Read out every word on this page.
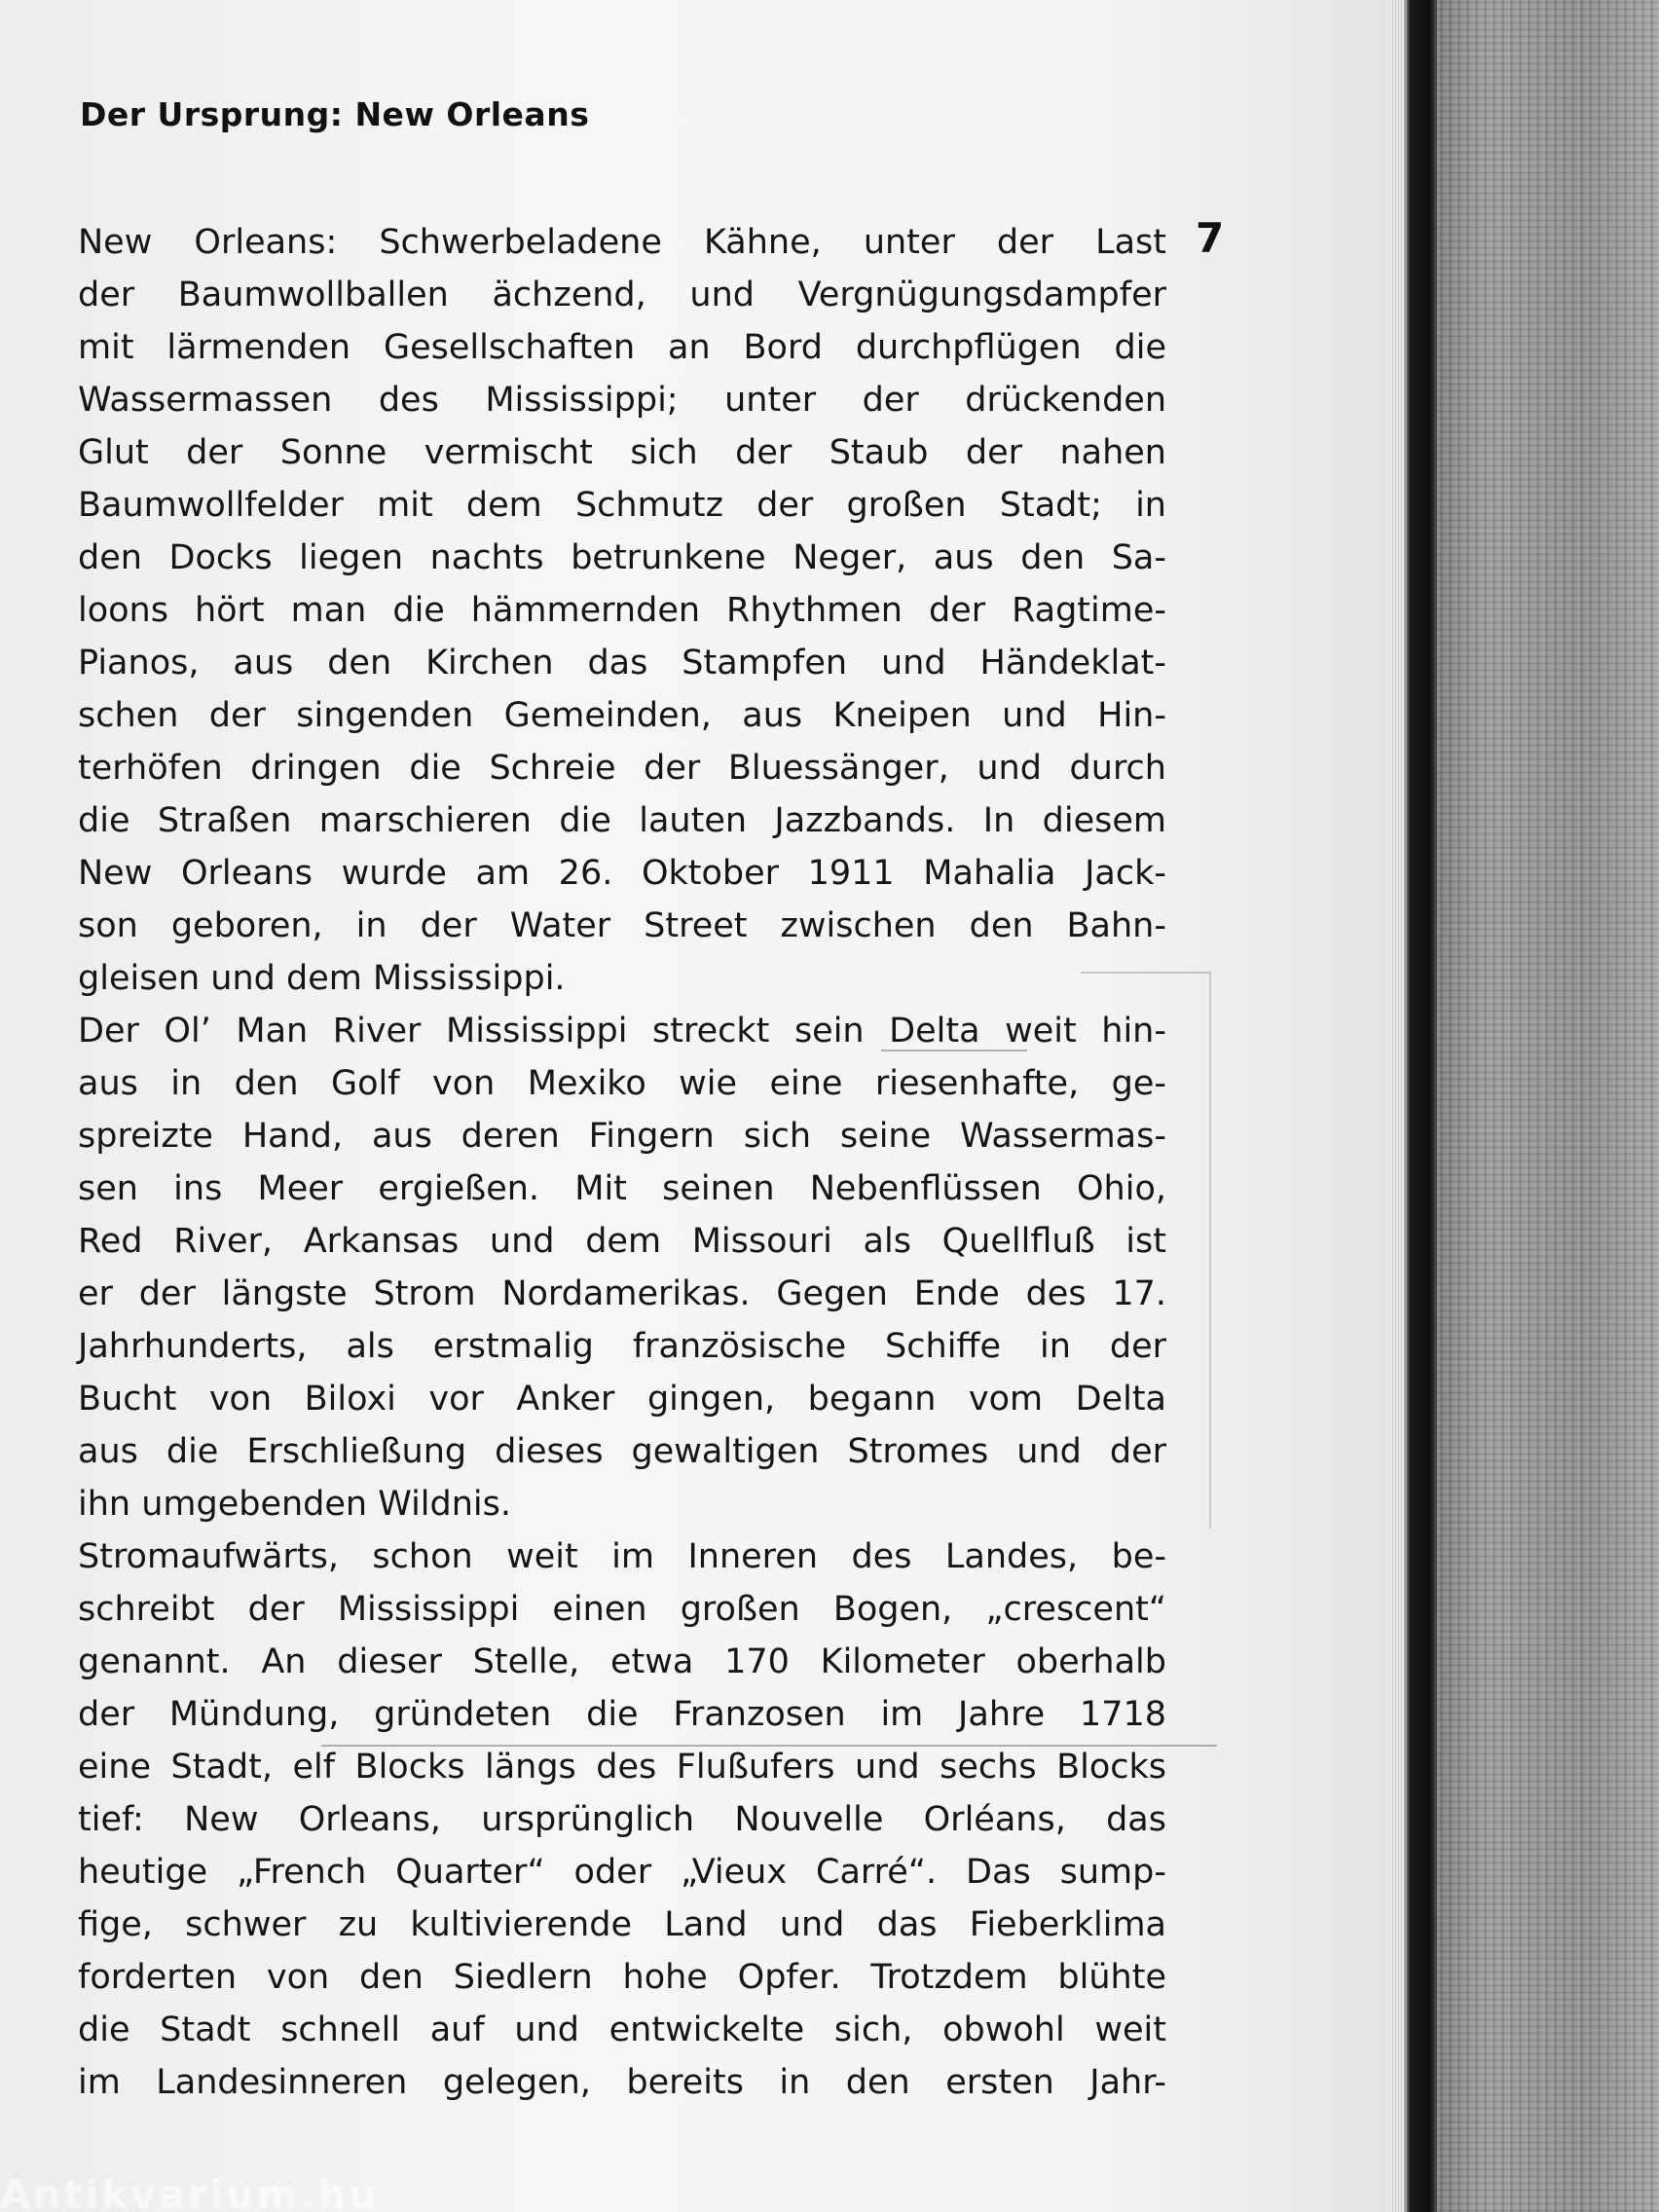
Der Ursprung: New Orleans
7
New Orleans: Schwerbeladene Kähne, unter der Last
der Baumwollballen ächzend, und Vergnügungsdampfer
mit lärmenden Gesellschaften an Bord durchpflügen die
Wassermassen des Mississippi; unter der drückenden
Glut der Sonne vermischt sich der Staub der nahen
Baumwollfelder mit dem Schmutz der großen Stadt; in
den Docks liegen nachts betrunkene Neger, aus den Sa-
loons hört man die hämmernden Rhythmen der Ragtime-
Pianos, aus den Kirchen das Stampfen und Händeklat-
schen der singenden Gemeinden, aus Kneipen und Hin-
terhöfen dringen die Schreie der Bluessänger, und durch
die Straßen marschieren die lauten Jazzbands. In diesem
New Orleans wurde am 26. Oktober 1911 Mahalia Jack-
son geboren, in der Water Street zwischen den Bahn-
gleisen und dem Mississippi.
Der Ol’ Man River Mississippi streckt sein Delta weit hin-
aus in den Golf von Mexiko wie eine riesenhafte, ge-
spreizte Hand, aus deren Fingern sich seine Wassermas-
sen ins Meer ergießen. Mit seinen Nebenflüssen Ohio,
Red River, Arkansas und dem Missouri als Quellfluß ist
er der längste Strom Nordamerikas. Gegen Ende des 17.
Jahrhunderts, als erstmalig französische Schiffe in der
Bucht von Biloxi vor Anker gingen, begann vom Delta
aus die Erschließung dieses gewaltigen Stromes und der
ihn umgebenden Wildnis.
Stromaufwärts, schon weit im Inneren des Landes, be-
schreibt der Mississippi einen großen Bogen, „crescent“
genannt. An dieser Stelle, etwa 170 Kilometer oberhalb
der Mündung, gründeten die Franzosen im Jahre 1718
eine Stadt, elf Blocks längs des Flußufers und sechs Blocks
tief: New Orleans, ursprünglich Nouvelle Orléans, das
heutige „French Quarter“ oder „Vieux Carré“. Das sump-
fige, schwer zu kultivierende Land und das Fieberklima
forderten von den Siedlern hohe Opfer. Trotzdem blühte
die Stadt schnell auf und entwickelte sich, obwohl weit
im Landesinneren gelegen, bereits in den ersten Jahr-
Antikvarium.hu
